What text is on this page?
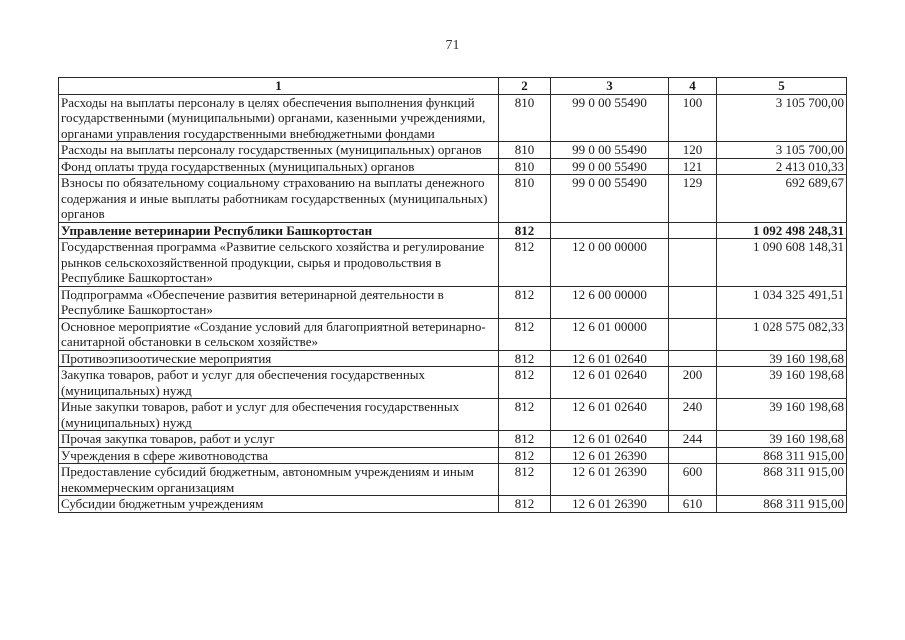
71
1	2	3	4	5
Расходы на выплаты персоналу в целях обеспечения выполнения функций государственными (муниципальными) органами, казенными учреждениями, органами управления государственными внебюджетными фондами	810	99 0 00 55490	100	3 105 700,00
Расходы на выплаты персоналу государственных (муниципальных) органов	810	99 0 00 55490	120	3 105 700,00
Фонд оплаты труда государственных (муниципальных) органов	810	99 0 00 55490	121	2 413 010,33
Взносы по обязательному социальному страхованию на выплаты денежного содержания и иные выплаты работникам государственных (муниципальных) органов	810	99 0 00 55490	129	692 689,67
Управление ветеринарии Республики Башкортостан	812			1 092 498 248,31
Государственная программа «Развитие сельского хозяйства и регулирование рынков сельскохозяйственной продукции, сырья и продовольствия в Республике Башкортостан»	812	12 0 00 00000		1 090 608 148,31
Подпрограмма «Обеспечение развития ветеринарной деятельности в Республике Башкортостан»	812	12 6 00 00000		1 034 325 491,51
Основное мероприятие «Создание условий для благоприятной ветеринарно-санитарной обстановки в сельском хозяйстве»	812	12 6 01 00000		1 028 575 082,33
Противоэпизоотические мероприятия	812	12 6 01 02640		39 160 198,68
Закупка товаров, работ и услуг для обеспечения государственных (муниципальных) нужд	812	12 6 01 02640	200	39 160 198,68
Иные закупки товаров, работ и услуг для обеспечения государственных (муниципальных) нужд	812	12 6 01 02640	240	39 160 198,68
Прочая закупка товаров, работ и услуг	812	12 6 01 02640	244	39 160 198,68
Учреждения в сфере животноводства	812	12 6 01 26390		868 311 915,00
Предоставление субсидий бюджетным, автономным учреждениям и иным некоммерческим организациям	812	12 6 01 26390	600	868 311 915,00
Субсидии бюджетным учреждениям	812	12 6 01 26390	610	868 311 915,00
